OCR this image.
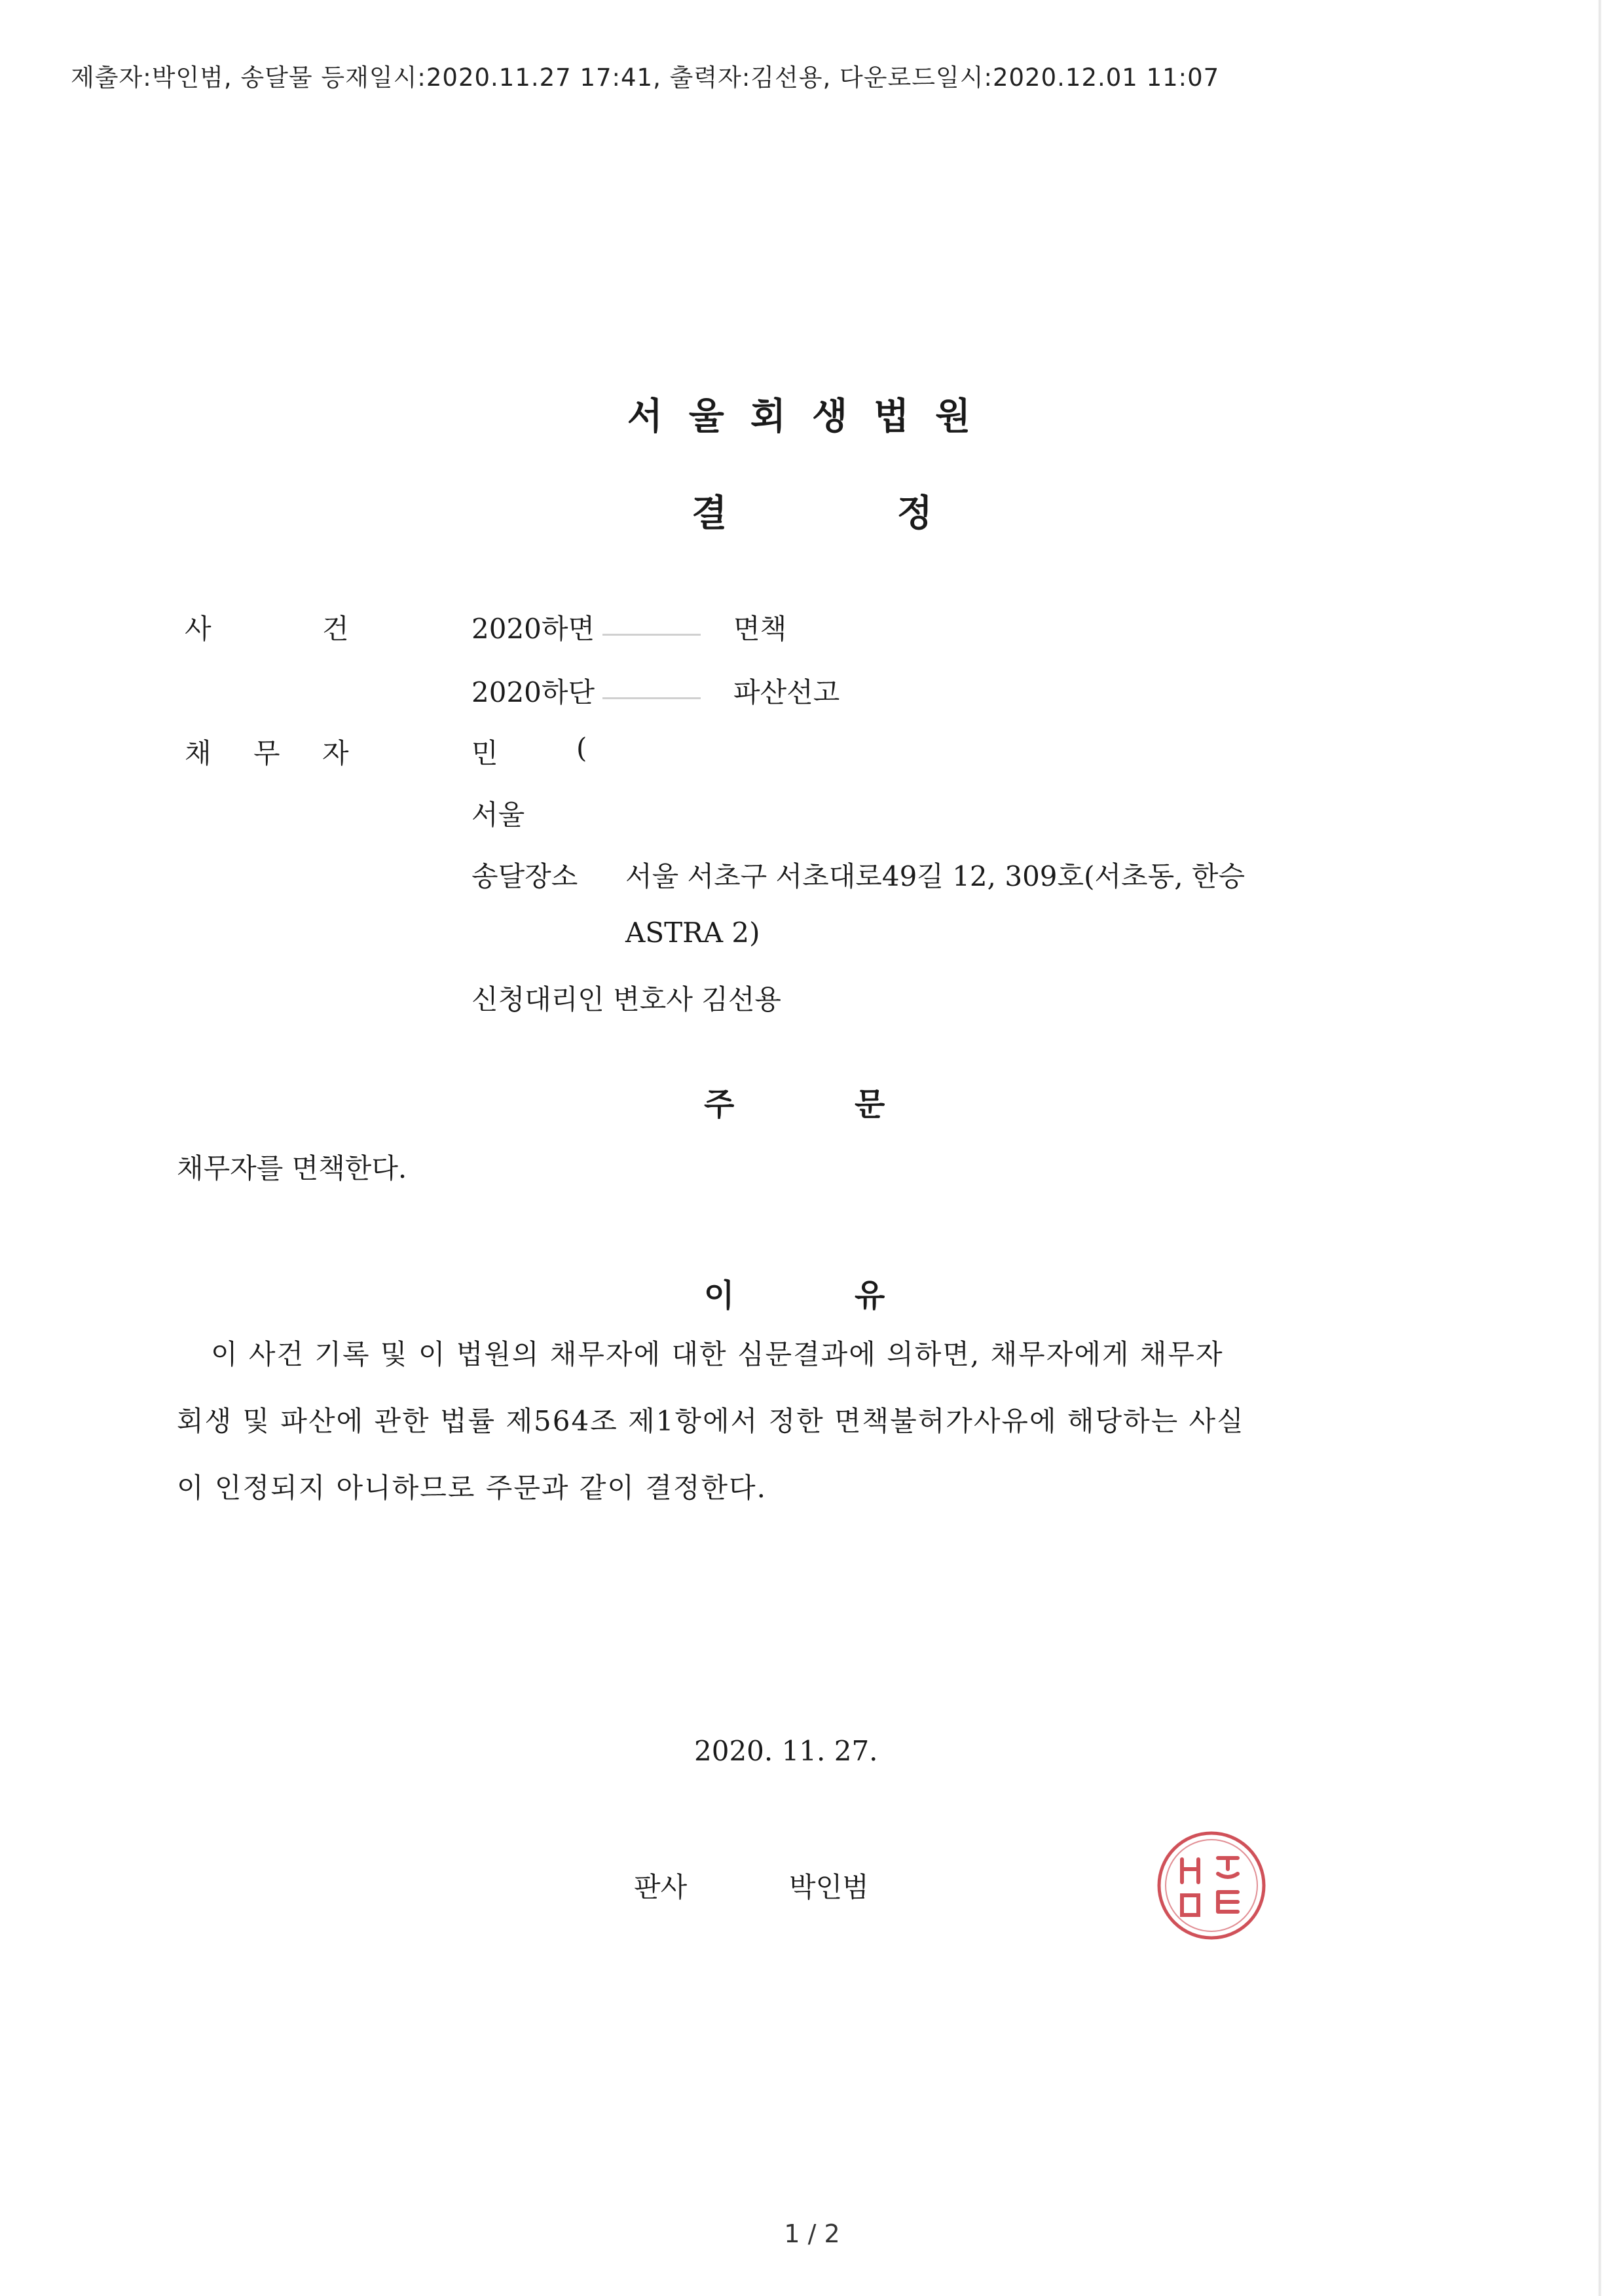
제출자:박인범, 송달물 등재일시:2020.11.27 17:41, 출력자:김선용, 다운로드일시:2020.12.01 11:07
서울회생법원
결	정
사	건	2020하면	면책
2020하단	파산선고
채 무 자	민	(
서울
송달장소 서울 서초구 서초대로49길 12, 309호(서초동, 한승
ASTRA 2)
신청대리인 변호사 김선용
주	문
채무자를 면책한다.
이	유
이 사건 기록 및 이 법원의 채무자에 대한 심문결과에 의하면, 채무자에게 채무자
회생 및 파산에 관한 법률 제564조 제1항에서 정한 면책불허가사유에 해당하는 사실
이 인정되지 아니하므로 주문과 같이 결정한다.
2020. 11. 27.
판사	박인범
1 / 2
